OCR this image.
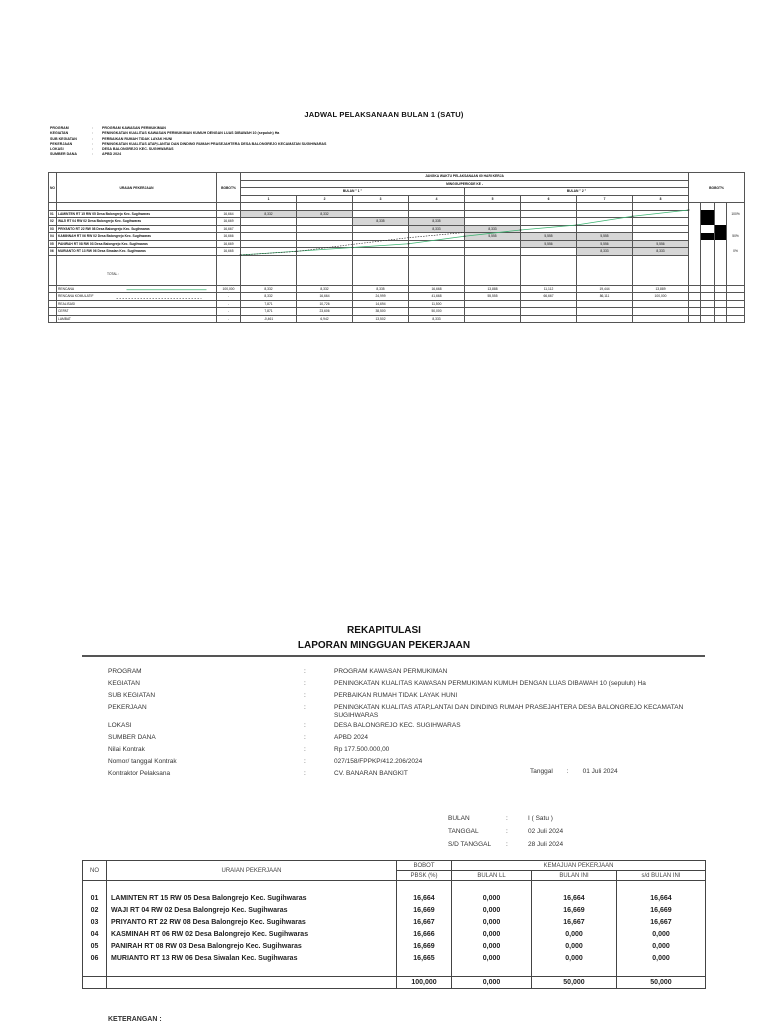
JADWAL PELAKSANAAN BULAN 1 (SATU)
PROGRAM	:	PROGRAM KAWASAN PERMUKIMAN
KEGIATAN	:	PENINGKATAN KUALITAS KAWASAN PERMUKIMAN KUMUH DENGAN LUAS DIBAWAH 10 (sepuluh) Ha
SUB KEGIATAN	:	PERBAIKAN RUMAH TIDAK LAYAK HUNI
PEKERJAAN	:	PENINGKATAN KUALITAS ATAP,LANTAI DAN DINDING RUMAH PRASEJAHTERA DESA BALONGREJO KECAMATAN SUGIHWARAS
LOKASI	:	DESA BALONGREJO KEC. SUGIHWARAS
SUMBER DANA	:	APBD 2024
NO	URAIAN PEKERJAAN	BOBOT%	JANGKA WAKTU PELAKSANAAN 60 HARI KERJA								BOBOT%			
			MINGGU/PERIODE KE -											
			BULAN " 1 "				BULAN " 2 "							
			1	2	3	4	5	6	7	8				

01	LAMINTEN RT 15 RW 05 Desa Balongrejo Kec. Sugihwaras	16,664	8,332	8,332										100%
02	WAJI RT 04 RW 02 Desa Balongrejo Kec. Sugihwaras	16,669			8,335	8,335								
03	PRIYANTO RT 22 RW 08 Desa Balongrejo Kec. Sugihwaras	16,667				8,333	8,333							
04	KAMINNAH RT 06 RW 02 Desa Balongrejo Kec. Sugihwaras	16,666					5,555	5,555	5,555					50%
05	PANIRAH RT 08 RW 03 Desa Balongrejo Kec. Sugihwaras	16,669						5,556	5,556	5,556				
06	MURIANTO RT 13 RW 06 Desa Siwalan Kec. Sugihwaras	16,665							8,333	8,333				0%

	TOTAL :													

	RENCANA	100,000	8,332	8,332	8,335	16,668	13,888	11,112	19,444	13,889				
	RENCANA KOMULATIF	-	8,332	16,664	24,999	41,668	55,555	66,667	86,111	100,000				
	REALISASI	-	7,871	10,726	14,694	11,500								
	CEPAT	-	7,871	23,606	38,500	50,000								
	LAMBAT	-	-0,461	6,942	13,502	8,333								
REKAPITULASI
LAPORAN MINGGUAN PEKERJAAN
PROGRAM	:	PROGRAM KAWASAN PERMUKIMAN
KEGIATAN	:	PENINGKATAN KUALITAS KAWASAN PERMUKIMAN KUMUH DENGAN LUAS DIBAWAH 10 (sepuluh) Ha
SUB KEGIATAN	:	PERBAIKAN RUMAH TIDAK LAYAK HUNI
PEKERJAAN	:	PENINGKATAN KUALITAS ATAP,LANTAI DAN DINDING RUMAH PRASEJAHTERA DESA BALONGREJO KECAMATAN SUGIHWARAS
LOKASI	:	DESA BALONGREJO KEC. SUGIHWARAS
SUMBER DANA	:	APBD 2024
Nilai Kontrak	:	Rp 177.500.000,00
Nomor/ tanggal Kontrak	:	027/158/FPPKP/412.206/2024
Kontraktor Pelaksana	:	CV. BANARAN BANGKIT	Tanggal : 01 Juli 2024
BULAN	:	I ( Satu )
TANGGAL	:	02 Juli 2024
S/D TANGGAL	:	28 Juli 2024
NO	URAIAN PEKERJAAN	BOBOT	KEMAJUAN PEKERJAAN		
		PBSK (%)	BULAN LL	BULAN INI	s/d BULAN INI

01	LAMINTEN RT 15 RW 05 Desa Balongrejo Kec. Sugihwaras	16,664	0,000	16,664	16,664
02	WAJI RT 04 RW 02 Desa Balongrejo Kec. Sugihwaras	16,669	0,000	16,669	16,669
03	PRIYANTO RT 22 RW 08 Desa Balongrejo Kec. Sugihwaras	16,667	0,000	16,667	16,667
04	KASMINAH RT 06 RW 02 Desa Balongrejo Kec. Sugihwaras	16,666	0,000	0,000	0,000
05	PANIRAH RT 08 RW 03 Desa Balongrejo Kec. Sugihwaras	16,669	0,000	0,000	0,000
06	MURIANTO RT 13 RW 06 Desa Siwalan Kec. Sugihwaras	16,665	0,000	0,000	0,000

		100,000	0,000	50,000	50,000
KETERANGAN :
